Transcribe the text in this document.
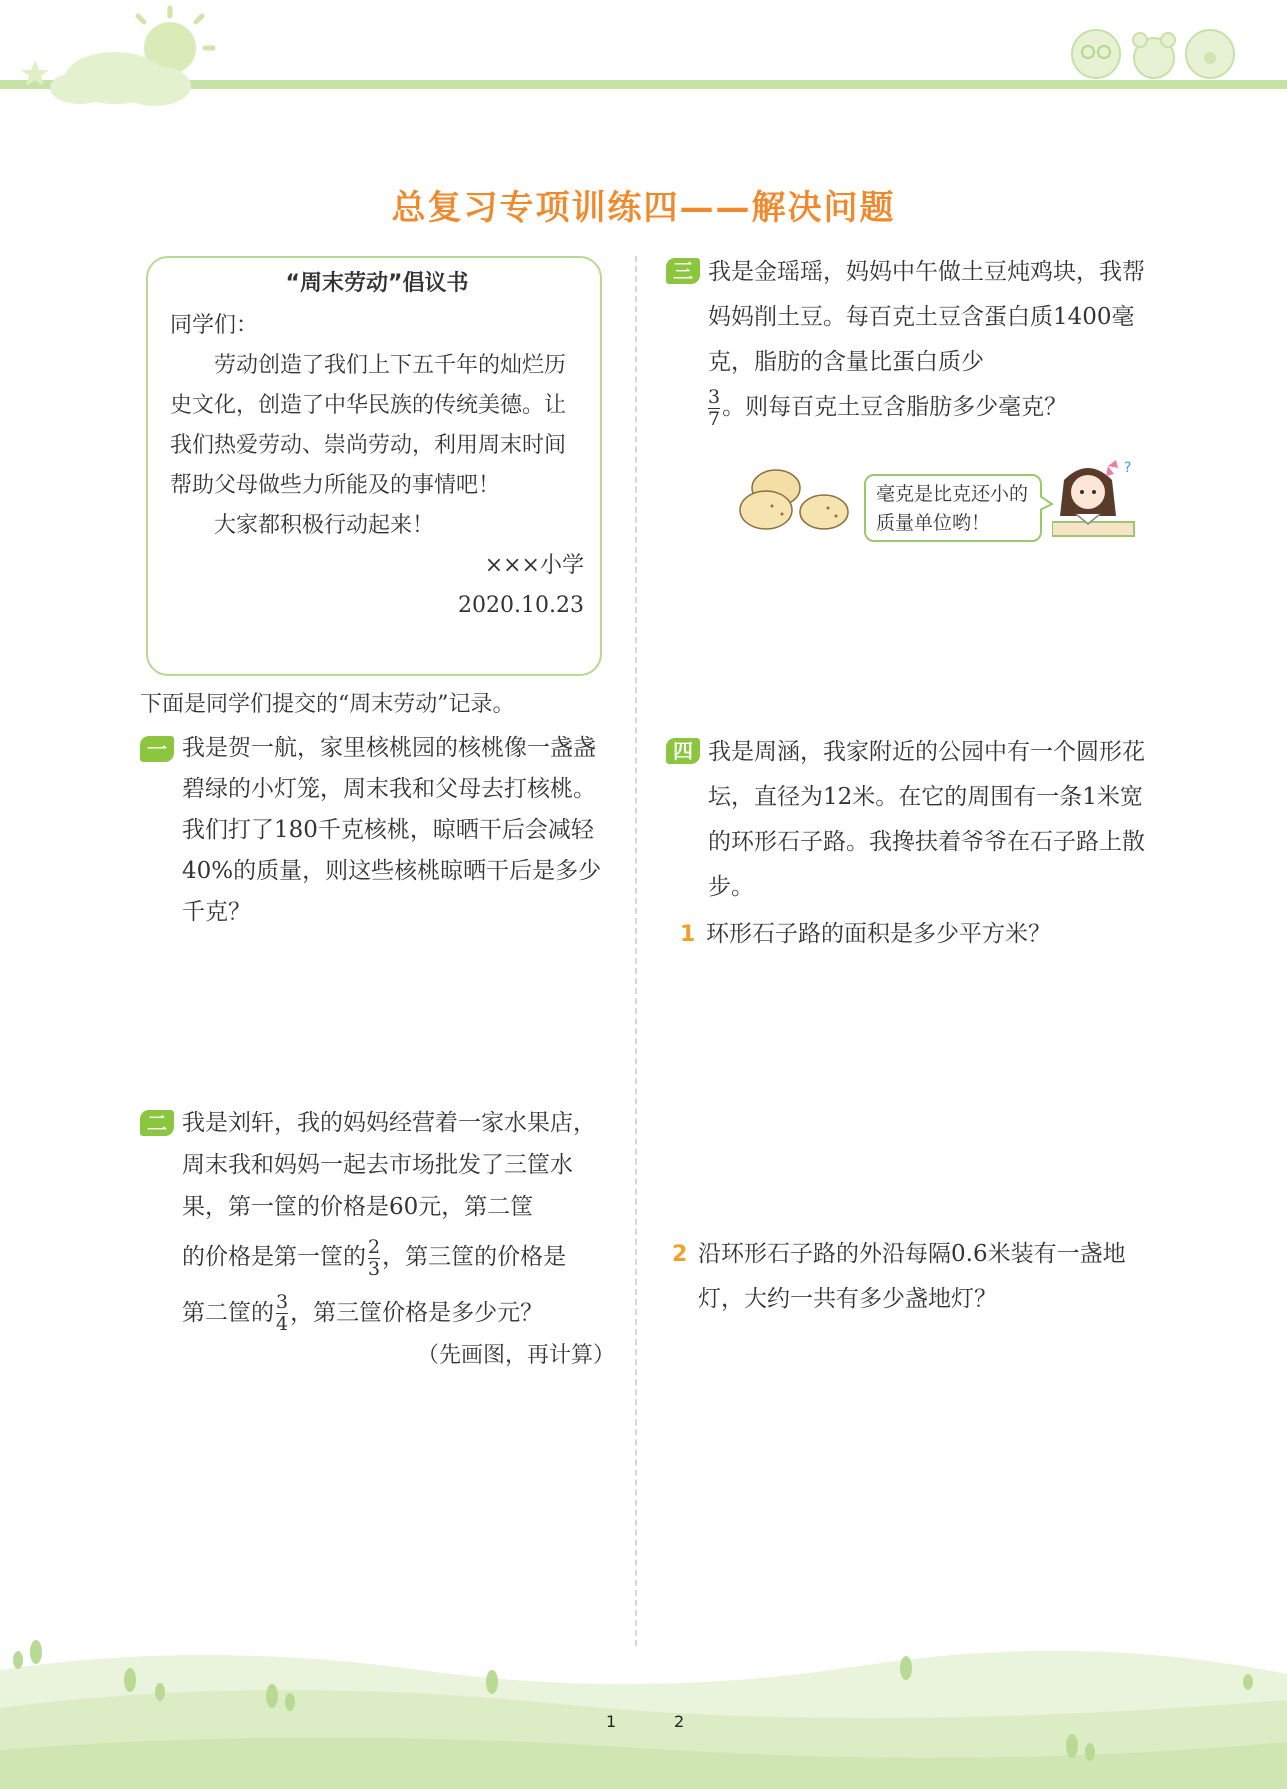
总复习专项训练四——解决问题
“周末劳动”倡议书
同学们：
劳动创造了我们上下五千年的灿烂历史文化，创造了中华民族的传统美德。让我们热爱劳动、崇尚劳动，利用周末时间帮助父母做些力所能及的事情吧！
大家都积极行动起来！
×××小学
2020.10.23
下面是同学们提交的“周末劳动”记录。
一 我是贺一航，家里核桃园的核桃像一盏盏碧绿的小灯笼，周末我和父母去打核桃。我们打了180千克核桃，晾晒干后会减轻40%的质量，则这些核桃晾晒干后是多少千克？
二 我是刘轩，我的妈妈经营着一家水果店，周末我和妈妈一起去市场批发了三筐水果，第一筐的价格是60元，第二筐
的价格是第一筐的 $\frac{2}{3}$ ，第三筐的价格是
第二筐的 $\frac{3}{4}$ ，第三筐价格是多少元？
（先画图，再计算）
三 我是金瑶瑶，妈妈中午做土豆炖鸡块，我帮妈妈削土豆。每百克土豆含蛋白质1400毫克，脂肪的含量比蛋白质少

$\frac{3}{7}$ 。则每百克土豆含脂肪多少毫克？
毫克是比克还小的质量单位哟！
?
四 我是周涵，我家附近的公园中有一个圆形花坛，直径为12米。在它的周围有一条1米宽的环形石子路。我搀扶着爷爷在石子路上散步。
1 环形石子路的面积是多少平方米？
2 沿环形石子路的外沿每隔0.6米装有一盏地灯，大约一共有多少盏地灯？
1	2
